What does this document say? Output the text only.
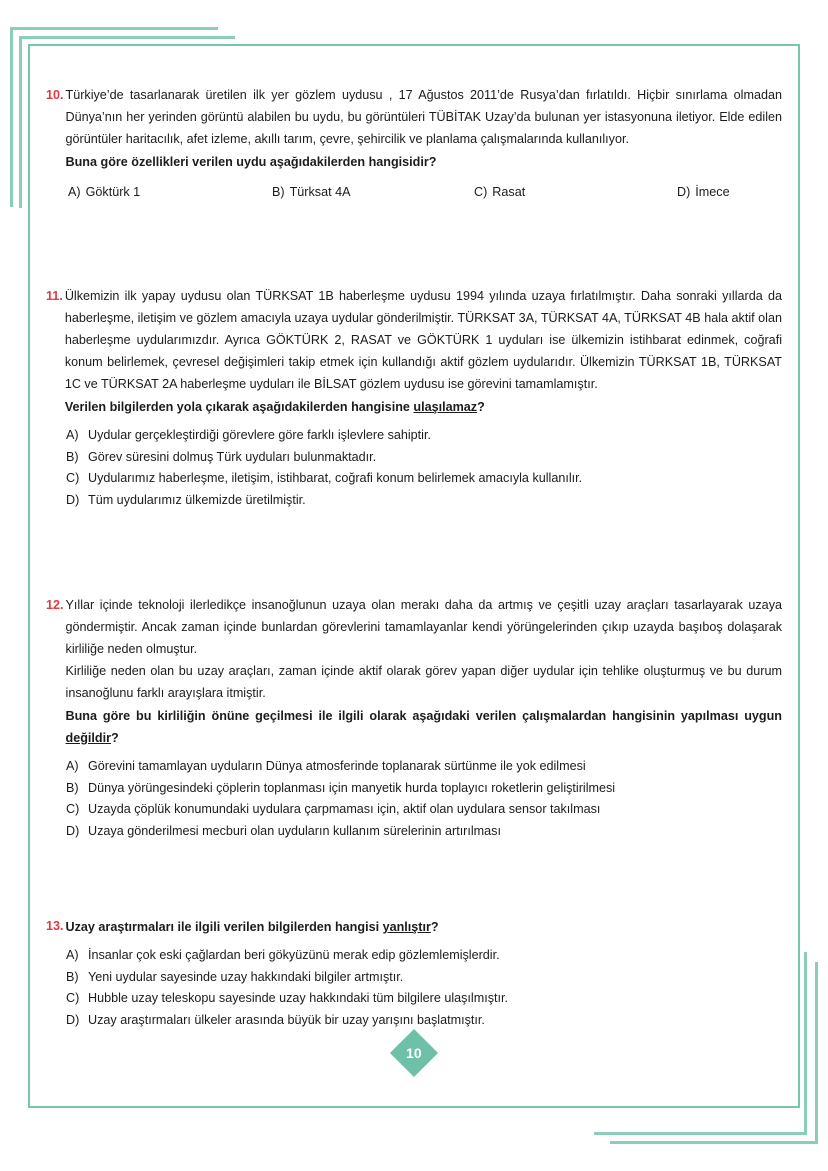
10. Türkiye’de tasarlanarak üretilen ilk yer gözlem uydusu , 17 Ağustos 2011’de Rusya’dan fırlatıldı. Hiçbir sınırlama olmadan Dünya’nın her yerinden görüntü alabilen bu uydu, bu görüntüleri TÜBİTAK Uzay’da bulunan yer istasyonuna iletiyor. Elde edilen görüntüler haritacılık, afet izleme, akıllı tarım, çevre, şehircilik ve planlama çalışmalarında kullanılıyor.

Buna göre özellikleri verilen uydu aşağıdakilerden hangisidir?
A) Göktürk 1	B) Türksat 4A	C) Rasat	D) İmece
11. Ülkemizin ilk yapay uydusu olan TÜRKSAT 1B haberleşme uydusu 1994 yılında uzaya fırlatılmıştır. Daha sonraki yıllarda da haberleşme, iletişim ve gözlem amacıyla uzaya uydular gönderilmiştir. TÜRKSAT 3A, TÜRKSAT 4A, TÜRKSAT 4B hala aktif olan haberleşme uydularımızdır. Ayrıca GÖKTÜRK 2, RASAT ve GÖKTÜRK 1 uyduları ise ülkemizin istihbarat edinmek, coğrafi konum belirlemek, çevresel değişimleri takip etmek için kullandığı aktif gözlem uydularıdır. Ülkemizin TÜRKSAT 1B, TÜRKSAT 1C ve TÜRKSAT 2A haberleşme uyduları ile BİLSAT gözlem uydusu ise görevini tamamlamıştır.

Verilen bilgilerden yola çıkarak aşağıdakilerden hangisine ulaşılamaz?
A) Uydular gerçekleştirdiği görevlere göre farklı işlevlere sahiptir.
B) Görev süresini dolmuş Türk uyduları bulunmaktadır.
C) Uydularımız haberleşme, iletişim, istihbarat, coğrafi konum belirlemek amacıyla kullanılır.
D) Tüm uydularımız ülkemizde üretilmiştir.
12. Yıllar içinde teknoloji ilerledikçe insanoğlunun uzaya olan merakı daha da artmış ve çeşitli uzay araçları tasarlayarak uzaya göndermiştir. Ancak zaman içinde bunlardan görevlerini tamamlayanlar kendi yörüngelerinden çıkıp uzayda başıboş dolaşarak kirliliğe neden olmuştur.

Kirliliğe neden olan bu uzay araçları, zaman içinde aktif olarak görev yapan diğer uydular için tehlike oluşturmuş ve bu durum insanoğlunu farklı arayışlara itmiştir.

Buna göre bu kirliliğin önüne geçilmesi ile ilgili olarak aşağıdaki verilen çalışmalardan hangisinin yapılması uygun değildir?
A) Görevini tamamlayan uyduların Dünya atmosferinde toplanarak sürtünme ile yok edilmesi
B) Dünya yörüngesindeki çöplerin toplanması için manyetik hurda toplayıcı roketlerin geliştirilmesi
C) Uzayda çöplük konumundaki uydulara çarpmaması için, aktif olan uydulara sensor takılması
D) Uzaya gönderilmesi mecburi olan uyduların kullanım sürelerinin artırılması
13. Uzay araştırmaları ile ilgili verilen bilgilerden hangisi yanlıştır?
A) İnsanlar çok eski çağlardan beri gökyüzünü merak edip gözlemlemişlerdir.
B) Yeni uydular sayesinde uzay hakkındaki bilgiler artmıştır.
C) Hubble uzay teleskopu sayesinde uzay hakkındaki tüm bilgilere ulaşılmıştır.
D) Uzay araştırmaları ülkeler arasında büyük bir uzay yarışını başlatmıştır.
10
